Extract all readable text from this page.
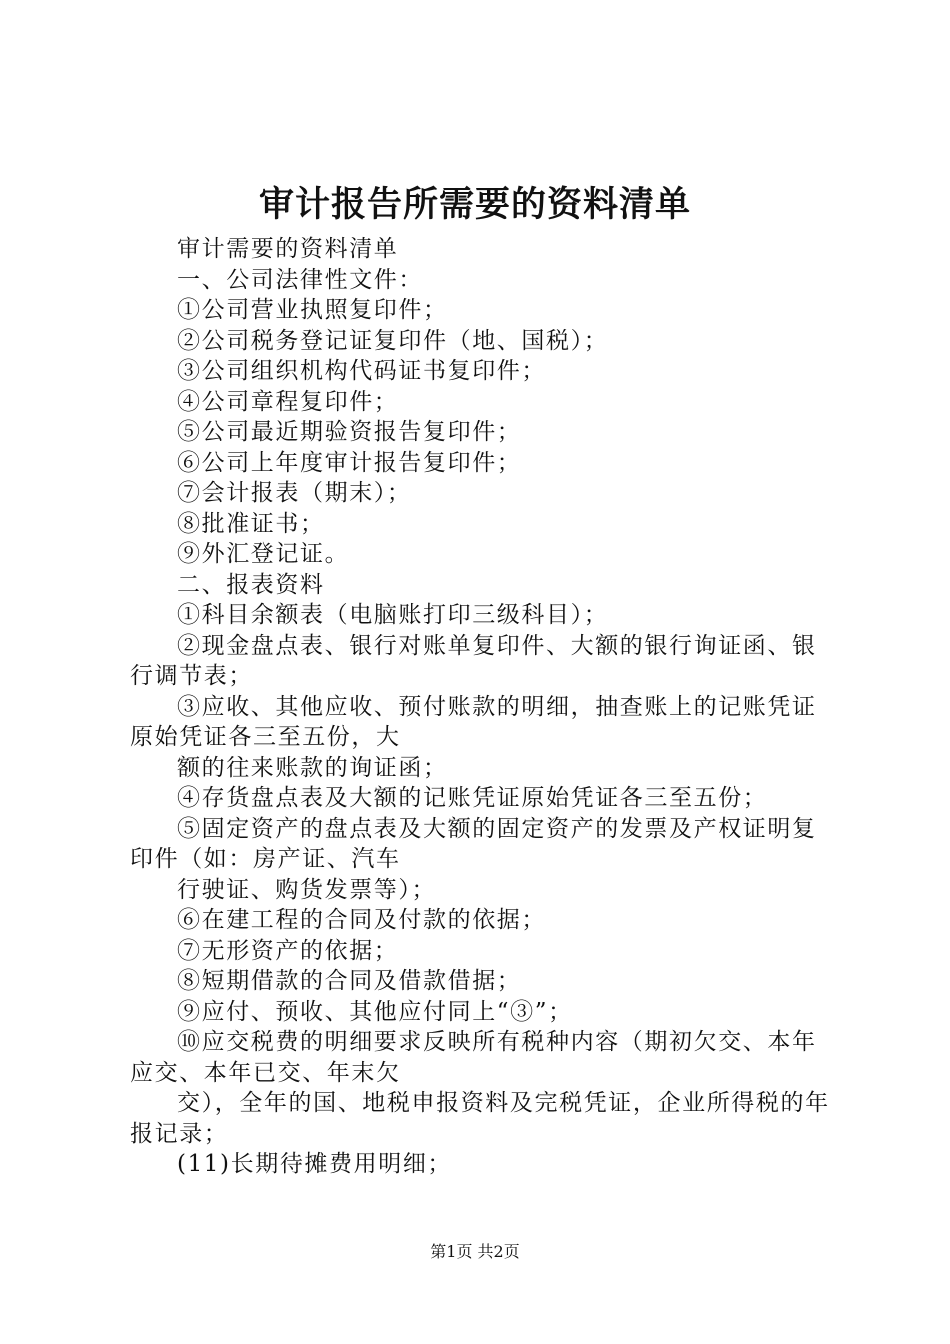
审计报告所需要的资料清单

审计需要的资料清单

一、公司法律性文件：

①公司营业执照复印件；

②公司税务登记证复印件（地、国税）；

③公司组织机构代码证书复印件；

④公司章程复印件；

⑤公司最近期验资报告复印件；

⑥公司上年度审计报告复印件；

⑦会计报表（期末）；

⑧批准证书；

⑨外汇登记证。

二、报表资料

①科目余额表（电脑账打印三级科目）；

②现金盘点表、银行对账单复印件、大额的银行询证函、银行调节表；

③应收、其他应收、预付账款的明细，抽查账上的记账凭证原始凭证各三至五份，大

额的往来账款的询证函；

④存货盘点表及大额的记账凭证原始凭证各三至五份；

⑤固定资产的盘点表及大额的固定资产的发票及产权证明复印件（如：房产证、汽车

行驶证、购货发票等）；

⑥在建工程的合同及付款的依据；

⑦无形资产的依据；

⑧短期借款的合同及借款借据；

⑨应付、预收、其他应付同上“③”；

⑩应交税费的明细要求反映所有税种内容（期初欠交、本年应交、本年已交、年末欠

交），全年的国、地税申报资料及完税凭证，企业所得税的年报记录；

(11)长期待摊费用明细；

第1页 共2页
